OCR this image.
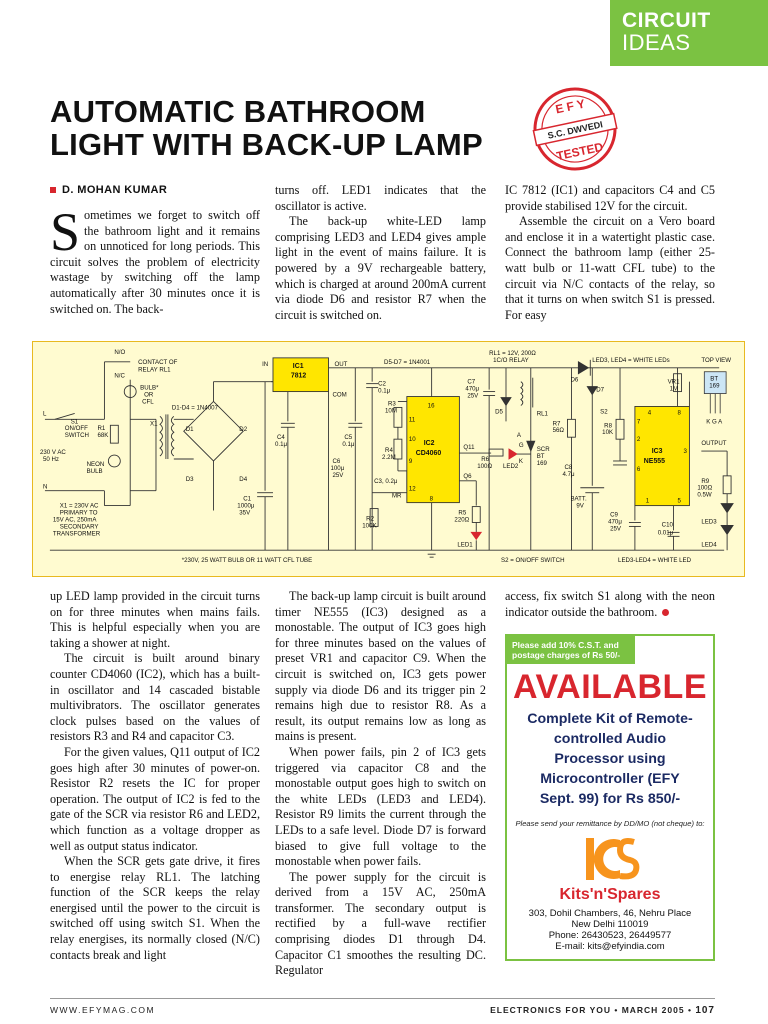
CIRCUIT
IDEAS
AUTOMATIC BATHROOM
LIGHT WITH BACK-UP LAMP
E F Y
S.C. DWVEDI
TESTED
D. MOHAN KUMAR

Sometimes we forget to switch off the bathroom light and it remains on unnoticed for long periods. This circuit solves the problem of electricity wastage by switching off the lamp automatically after 30 minutes once it is switched on. The back-

turns off. LED1 indicates that the oscillator is active.

The back-up white-LED lamp comprising LED3 and LED4 gives ample light in the event of mains failure. It is powered by a 9V rechargeable battery, which is charged at around 200mA current via diode D6 and resistor R7 when the circuit is switched on.

IC 7812 (IC1) and capacitors C4 and C5 provide stabilised 12V for the circuit.

Assemble the circuit on a Vero board and enclose it in a watertight plastic case. Connect the bathroom lamp (either 25-watt bulb or 11-watt CFL tube) to the circuit via N/C contacts of the relay, so that it turns on when switch S1 is pressed. For easy

N/O
CONTACT OF
RELAY RL1
N/C
BULB*
OR
CFL
D1-D4 = 1N4007
L
N
S1
ON/OFF
SWITCH
R1
68K
X1
230 V AC
50 Hz
NEON
BULB
X1 = 230V AC
PRIMARY TO
15V AC, 250mA
SECONDARY
TRANSFORMER
D1	D2
D3	D4
C1
1000μ
35V
IC1
7812
IN	OUT
COM
C4
0.1μ
C5
0.1μ
D5-D7 = 1N4001
C2
0.1μ
R3
10M
R4
2.2M
C3, 0.2μ
C6
100μ
25V
R2
100K
MR
IC2
CD4060
16
11
10
9
12
8
Q11
Q6
R5
220Ω
LED1
RL1 = 12V, 200Ω
1C/O RELAY
C7
470μ
25V
D5
R6
100Ω LED2
G
A
K
SCR
BT
169
RL1
D6
R7
56Ω
D7
S2
R8
10K
C8
4.7μ
BATT.
9V
VR1
1M
IC3
NE555
4	8
7
2
6
3
1	5
C9
470μ
25V
C10
0.01μ
R9
100Ω
0.5W
LED3
LED4
LED3, LED4 = WHITE LEDs	TOP VIEW
BT
169
K G A
OUTPUT
*230V, 25 WATT BULB OR 11 WATT CFL TUBE	S2 = ON/OFF SWITCH	LED3-LED4 = WHITE LED

up LED lamp provided in the circuit turns on for three minutes when mains fails. This is helpful especially when you are taking a shower at night.

The circuit is built around binary counter CD4060 (IC2), which has a built-in oscillator and 14 cascaded bistable multivibrators. The oscillator generates clock pulses based on the values of resistors R3 and R4 and capacitor C3.

For the given values, Q11 output of IC2 goes high after 30 minutes of power-on. Resistor R2 resets the IC for proper operation. The output of IC2 is fed to the gate of the SCR via resistor R6 and LED2, which function as a voltage dropper as well as output status indicator.

When the SCR gets gate drive, it fires to energise relay RL1. The latching function of the SCR keeps the relay energised until the power to the circuit is switched off using switch S1. When the relay energises, its normally closed (N/C) contacts break and light

The back-up lamp circuit is built around timer NE555 (IC3) designed as a monostable. The output of IC3 goes high for three minutes based on the values of preset VR1 and capacitor C9. When the circuit is switched on, IC3 gets power supply via diode D6 and its trigger pin 2 remains high due to resistor R8. As a result, its output remains low as long as mains is present.

When power fails, pin 2 of IC3 gets triggered via capacitor C8 and the monostable output goes high to switch on the white LEDs (LED3 and LED4). Resistor R9 limits the current through the LEDs to a safe level. Diode D7 is forward biased to give full voltage to the monostable when power fails.

The power supply for the circuit is derived from a 15V AC, 250mA transformer. The secondary output is rectified by a full-wave rectifier comprising diodes D1 through D4. Capacitor C1 smoothes the resulting DC. Regulator

access, fix switch S1 along with the neon indicator outside the bathroom.

Please add 10% C.S.T. and postage charges of Rs 50/-
AVAILABLE
Complete Kit of Remote-
controlled Audio
Processor using
Microcontroller (EFY
Sept. 99) for Rs 850/-
Please send your remittance by DD/MO (not cheque) to:
Kits'n'Spares
303, Dohil Chambers, 46, Nehru Place
New Delhi 110019
Phone: 26430523, 26449577
E-mail: kits@efyindia.com
WWW.EFYMAG.COM	ELECTRONICS FOR YOU • MARCH 2005 • 107
